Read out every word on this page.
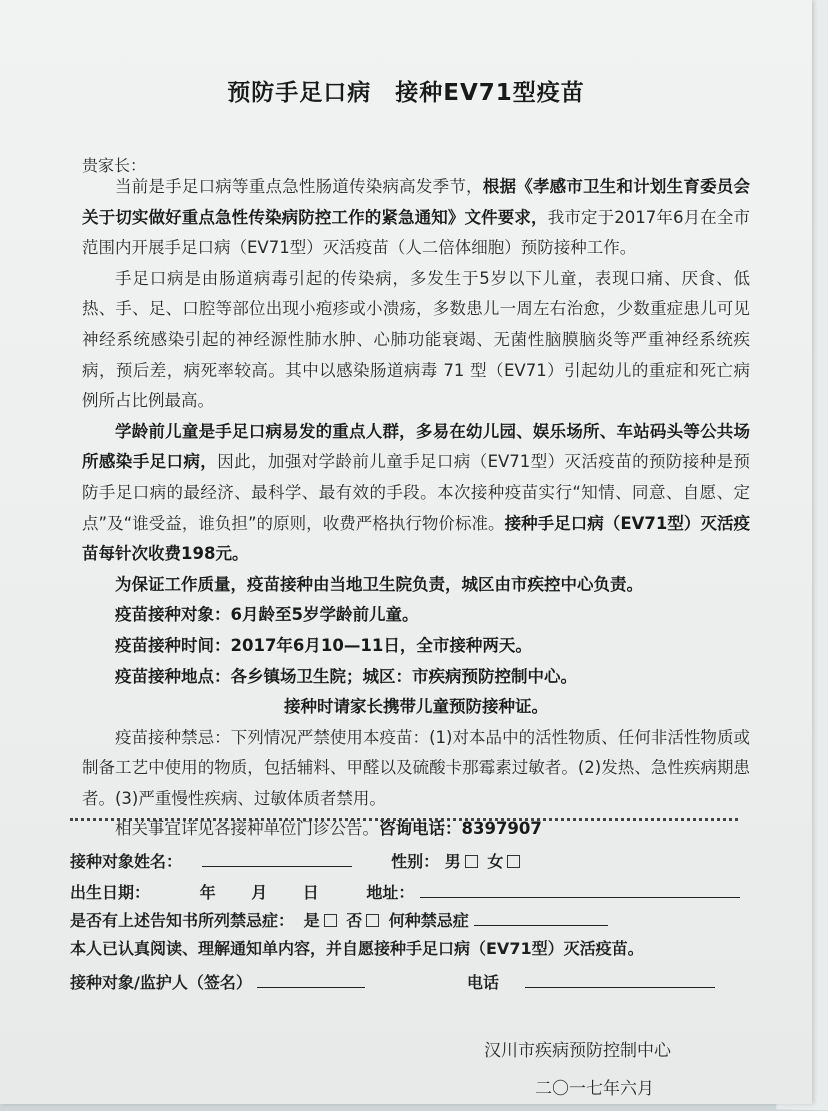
预防手足口病　接种EV71型疫苗
贵家长：

当前是手足口病等重点急性肠道传染病高发季节，根据《孝感市卫生和计划生育委员会关于切实做好重点急性传染病防控工作的紧急通知》文件要求，我市定于2017年6月在全市范围内开展手足口病（EV71型）灭活疫苗（人二倍体细胞）预防接种工作。

手足口病是由肠道病毒引起的传染病，多发生于5岁以下儿童，表现口痛、厌食、低热、手、足、口腔等部位出现小疱疹或小溃疡，多数患儿一周左右治愈，少数重症患儿可见神经系统感染引起的神经源性肺水肿、心肺功能衰竭、无菌性脑膜脑炎等严重神经系统疾病，预后差，病死率较高。其中以感染肠道病毒 71 型（EV71）引起幼儿的重症和死亡病例所占比例最高。

学龄前儿童是手足口病易发的重点人群，多易在幼儿园、娱乐场所、车站码头等公共场所感染手足口病，因此，加强对学龄前儿童手足口病（EV71型）灭活疫苗的预防接种是预防手足口病的最经济、最科学、最有效的手段。本次接种疫苗实行“知情、同意、自愿、定点”及“谁受益，谁负担”的原则，收费严格执行物价标准。接种手足口病（EV71型）灭活疫苗每针次收费198元。

为保证工作质量，疫苗接种由当地卫生院负责，城区由市疾控中心负责。

疫苗接种对象：6月龄至5岁学龄前儿童。

疫苗接种时间：2017年6月10—11日，全市接种两天。

疫苗接种地点：各乡镇场卫生院；城区：市疾病预防控制中心。

接种时请家长携带儿童预防接种证。

疫苗接种禁忌：下列情况严禁使用本疫苗：(1)对本品中的活性物质、任何非活性物质或制备工艺中使用的物质，包括辅料、甲醛以及硫酸卡那霉素过敏者。(2)发热、急性疾病期患者。(3)严重慢性疾病、过敏体质者禁用。

相关事宜详见各接种单位门诊公告。咨询电话：8397907

接种对象姓名：	性别： 男 女
出生日期：	年 月 日	地址：
是否有上述告知书所列禁忌症： 是 否 何种禁忌症
本人已认真阅读、理解通知单内容，并自愿接种手足口病（EV71型）灭活疫苗。
接种对象/监护人（签名）	电话
汉川市疾病预防控制中心
二〇一七年六月
